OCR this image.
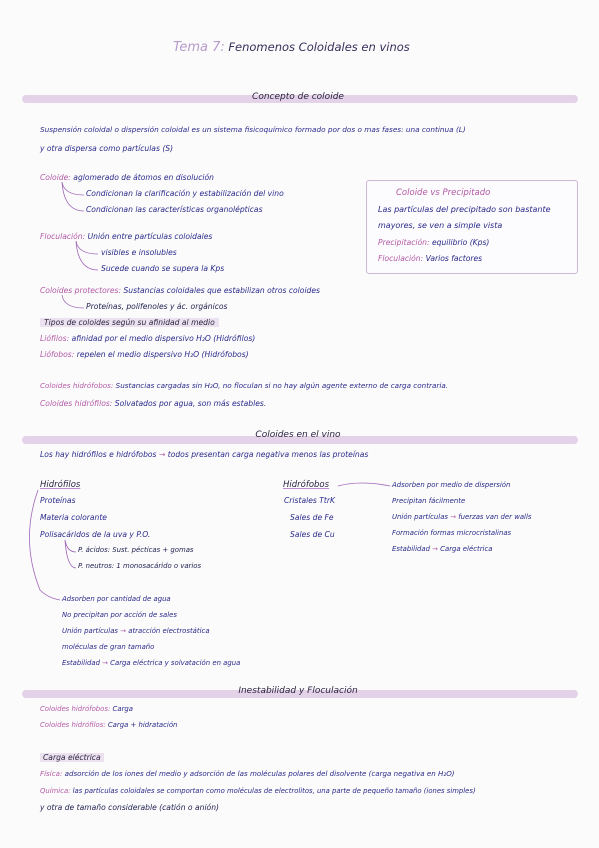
Tema 7: Fenomenos Coloidales en vinos
Concepto de coloide
Suspensión coloidal o dispersión coloidal es un sistema fisicoquímico formado por dos o mas fases: una continua (L)
y otra dispersa como partículas (S)
Coloide: aglomerado de átomos en disolución
Condicionan la clarificación y estabilización del vino
Condicionan las características organolépticas
Floculación: Unión entre partículas coloidales
visibles e insolubles
Sucede cuando se supera la Kps
Coloides protectores: Sustancias coloidales que estabilizan otros coloides
Proteínas, polifenoles y ác. orgánicos
Tipos de coloides según su afinidad al medio
Liófilos: afinidad por el medio dispersivo H₂O (Hidrófilos)
Liófobos: repelen el medio dispersivo H₂O (Hidrófobos)
Coloides hidrófobos: Sustancias cargadas sin H₂O, no floculan si no hay algún agente externo de carga contraria.
Coloides hidrófilos: Solvatados por agua, son más estables.
Coloide vs Precipitado
Las partículas del precipitado son bastante
mayores, se ven a simple vista
Precipitación: equilibrio (Kps)
Floculación: Varios factores
Coloides en el vino
Los hay hidrófilos e hidrófobos → todos presentan carga negativa menos las proteínas
Hidrófilos
Proteínas
Materia colorante
Polisacáridos de la uva y P.O.
P. ácidos: Sust. pécticas + gomas
P. neutros: 1 monosacárido o varios
Adsorben por cantidad de agua
No precipitan por acción de sales
Unión partículas → atracción electrostática
moléculas de gran tamaño
Estabilidad → Carga eléctrica y solvatación en agua
Hidrófobos
Cristales TtrK
Sales de Fe
Sales de Cu
Adsorben por medio de dispersión
Precipitan fácilmente
Unión partículas → fuerzas van der walls
Formación formas microcristalinas
Estabilidad → Carga eléctrica
Inestabilidad y Floculación
Coloides hidrófobos: Carga
Coloides hidrófilos: Carga + hidratación
Carga eléctrica
Física: adsorción de los iones del medio y adsorción de las moléculas polares del disolvente (carga negativa en H₂O)
Química: las partículas coloidales se comportan como moléculas de electrolitos, una parte de pequeño tamaño (iones simples)
y otra de tamaño considerable (catión o anión)
